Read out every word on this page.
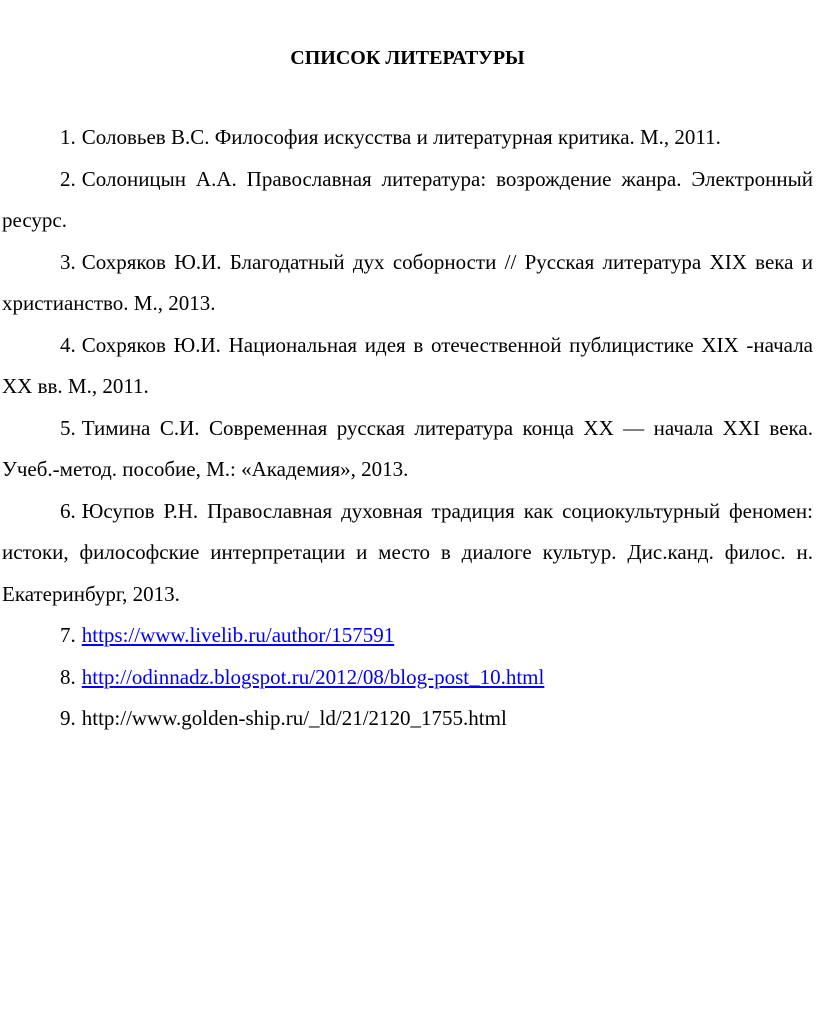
СПИСОК ЛИТЕРАТУРЫ
1. Соловьев В.С. Философия искусства и литературная критика. М., 2011.
2. Солоницын А.А. Православная литература: возрождение жанра. Электронный ресурс.
3. Сохряков Ю.И. Благодатный дух соборности // Русская литература XIX века и христианство. М., 2013.
4. Сохряков Ю.И. Национальная идея в отечественной публицистике XIX -начала XX вв. М., 2011.
5. Тимина С.И. Современная русская литература конца XX — начала XXI века. Учеб.-метод. пособие, М.: «Академия», 2013.
6. Юсупов Р.Н. Православная духовная традиция как социокультурный феномен: истоки, философские интерпретации и место в диалоге культур. Дис.канд. филос. н. Екатеринбург, 2013.
7. https://www.livelib.ru/author/157591
8. http://odinnadz.blogspot.ru/2012/08/blog-post_10.html
9. http://www.golden-ship.ru/_ld/21/2120_1755.html
